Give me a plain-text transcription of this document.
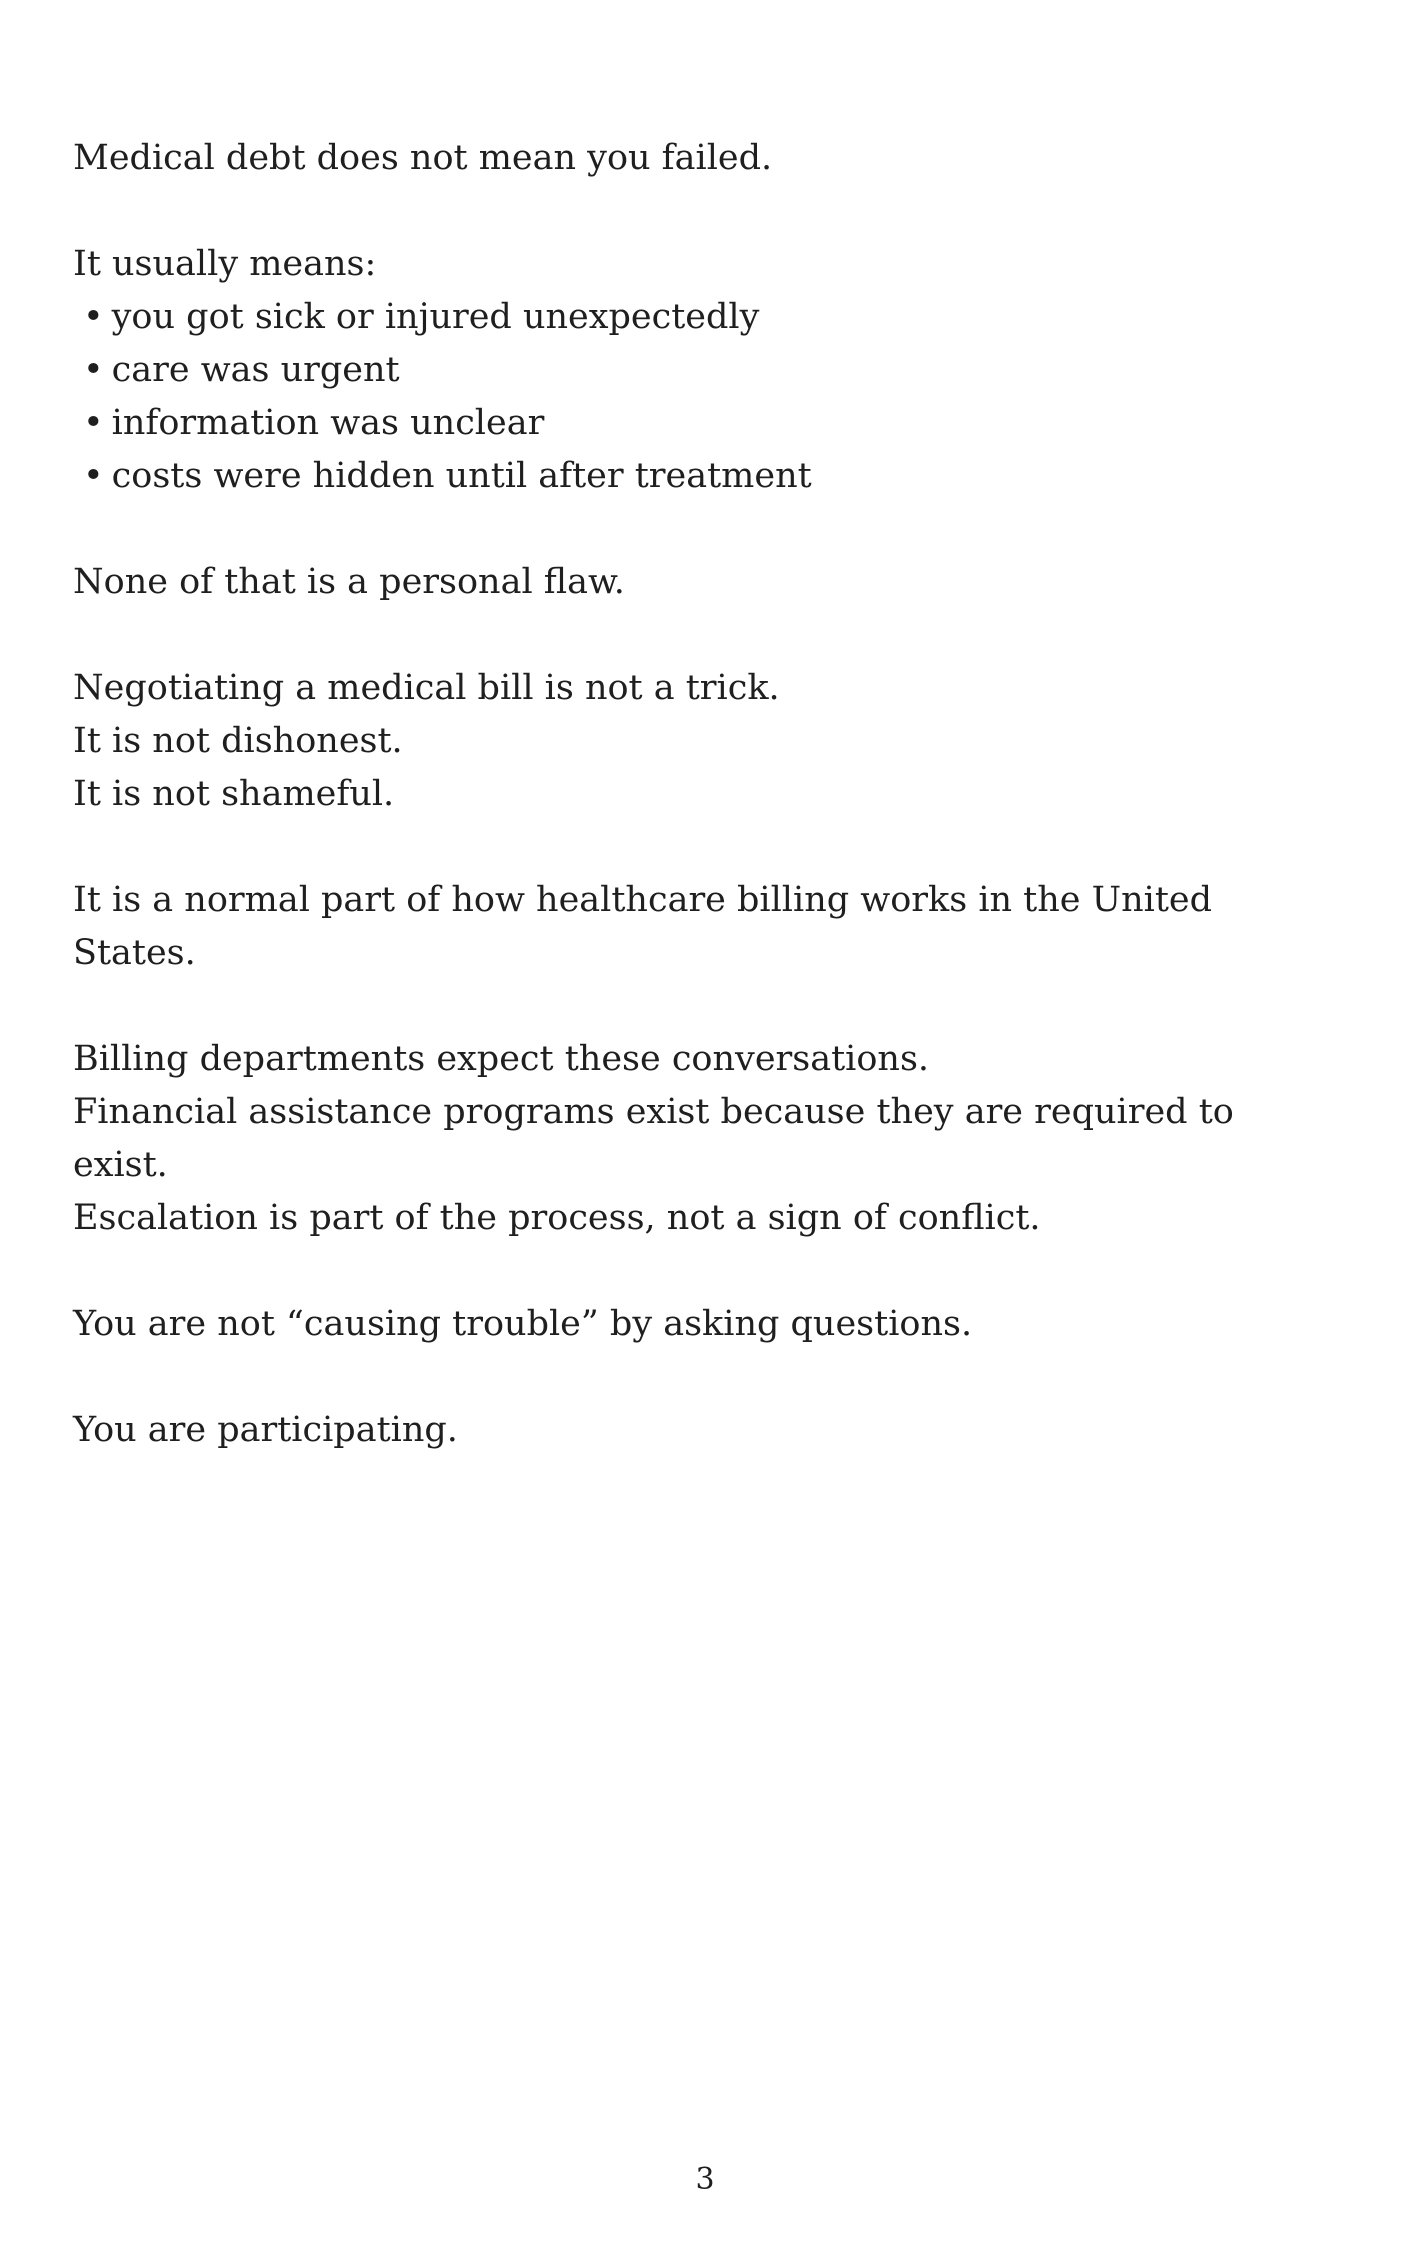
Medical debt does not mean you failed.

It usually means:

• you got sick or injured unexpectedly

• care was urgent

• information was unclear

• costs were hidden until after treatment

None of that is a personal flaw.

Negotiating a medical bill is not a trick.

It is not dishonest.

It is not shameful.

It is a normal part of how healthcare billing works in the United

States.

Billing departments expect these conversations.

Financial assistance programs exist because they are required to

exist.

Escalation is part of the process, not a sign of conflict.

You are not “causing trouble” by asking questions.

You are participating.

3
